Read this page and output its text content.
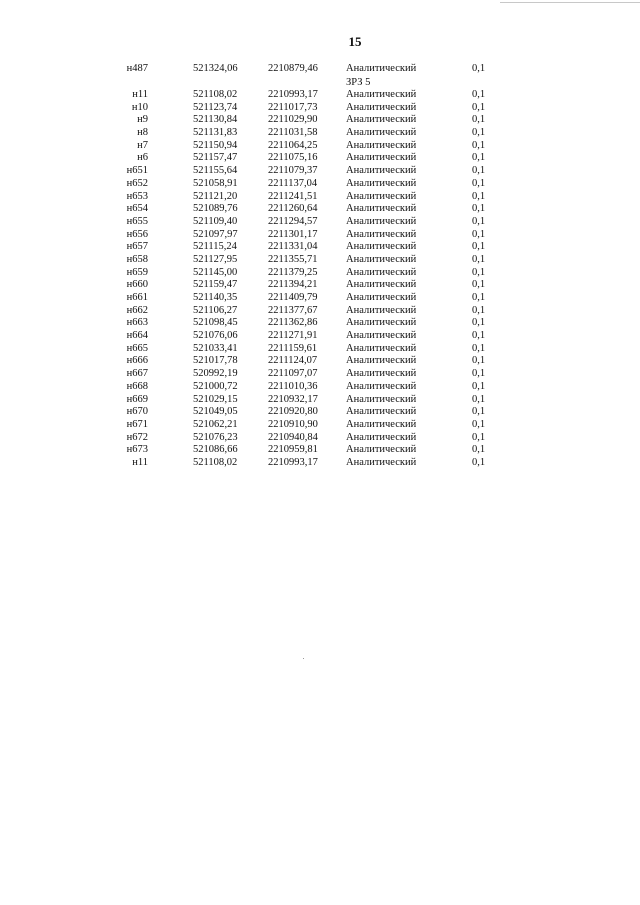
15
н487	521324,06	2210879,46	Аналитический	0,1
ЗРЗ 5
н11	521108,02	2210993,17	Аналитический	0,1
н10	521123,74	2211017,73	Аналитический	0,1
н9	521130,84	2211029,90	Аналитический	0,1
н8	521131,83	2211031,58	Аналитический	0,1
н7	521150,94	2211064,25	Аналитический	0,1
н6	521157,47	2211075,16	Аналитический	0,1
н651	521155,64	2211079,37	Аналитический	0,1
н652	521058,91	2211137,04	Аналитический	0,1
н653	521121,20	2211241,51	Аналитический	0,1
н654	521089,76	2211260,64	Аналитический	0,1
н655	521109,40	2211294,57	Аналитический	0,1
н656	521097,97	2211301,17	Аналитический	0,1
н657	521115,24	2211331,04	Аналитический	0,1
н658	521127,95	2211355,71	Аналитический	0,1
н659	521145,00	2211379,25	Аналитический	0,1
н660	521159,47	2211394,21	Аналитический	0,1
н661	521140,35	2211409,79	Аналитический	0,1
н662	521106,27	2211377,67	Аналитический	0,1
н663	521098,45	2211362,86	Аналитический	0,1
н664	521076,06	2211271,91	Аналитический	0,1
н665	521033,41	2211159,61	Аналитический	0,1
н666	521017,78	2211124,07	Аналитический	0,1
н667	520992,19	2211097,07	Аналитический	0,1
н668	521000,72	2211010,36	Аналитический	0,1
н669	521029,15	2210932,17	Аналитический	0,1
н670	521049,05	2210920,80	Аналитический	0,1
н671	521062,21	2210910,90	Аналитический	0,1
н672	521076,23	2210940,84	Аналитический	0,1
н673	521086,66	2210959,81	Аналитический	0,1
н11	521108,02	2210993,17	Аналитический	0,1
